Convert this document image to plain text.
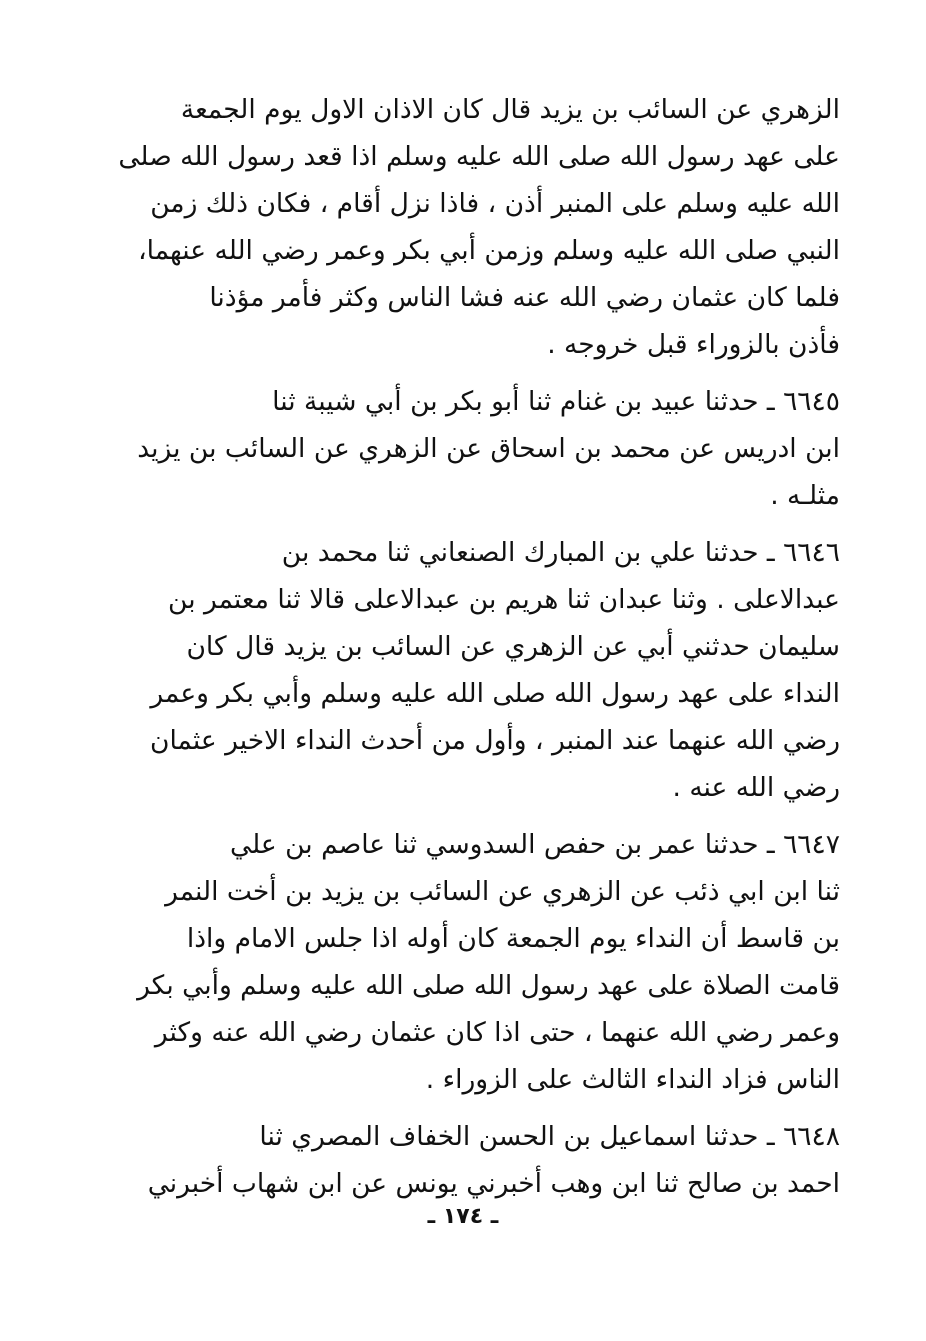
الزهري عن السائب بن يزيد قال كان الاذان الاول يوم الجمعة
على عهد رسول الله صلى الله عليه وسلم اذا قعد رسول الله صلى
الله عليه وسلم على المنبر أذن ، فاذا نزل أقام ، فكان ذلك زمن
النبي صلى الله عليه وسلم وزمن أبي بكر وعمر رضي الله عنهما،
فلما كان عثمان رضي الله عنه فشا الناس وكثر فأمر مؤذنا
فأذن بالزوراء قبل خروجه .
٦٦٤٥ ـ حدثنا عبيد بن غنام ثنا أبو بكر بن أبي شيبة ثنا
ابن ادريس عن محمد بن اسحاق عن الزهري عن السائب بن يزيد
مثلـه .
٦٦٤٦ ـ حدثنا علي بن المبارك الصنعاني ثنا محمد بن
عبدالاعلى . وثنا عبدان ثنا هريم بن عبدالاعلى قالا ثنا معتمر بن
سليمان حدثني أبي عن الزهري عن السائب بن يزيد قال كان
النداء على عهد رسول الله صلى الله عليه وسلم وأبي بكر وعمر
رضي الله عنهما عند المنبر ، وأول من أحدث النداء الاخير عثمان
رضي الله عنه .
٦٦٤٧ ـ حدثنا عمر بن حفص السدوسي ثنا عاصم بن علي
ثنا ابن ابي ذئب عن الزهري عن السائب بن يزيد بن أخت النمر
بن قاسط أن النداء يوم الجمعة كان أوله اذا جلس الامام واذا
قامت الصلاة على عهد رسول الله صلى الله عليه وسلم وأبي بكر
وعمر رضي الله عنهما ، حتى اذا كان عثمان رضي الله عنه وكثر
الناس فزاد النداء الثالث على الزوراء .
٦٦٤٨ ـ حدثنا اسماعيل بن الحسن الخفاف المصري ثنا
احمد بن صالح ثنا ابن وهب أخبرني يونس عن ابن شهاب أخبرني
ـ ١٧٤ ـ
